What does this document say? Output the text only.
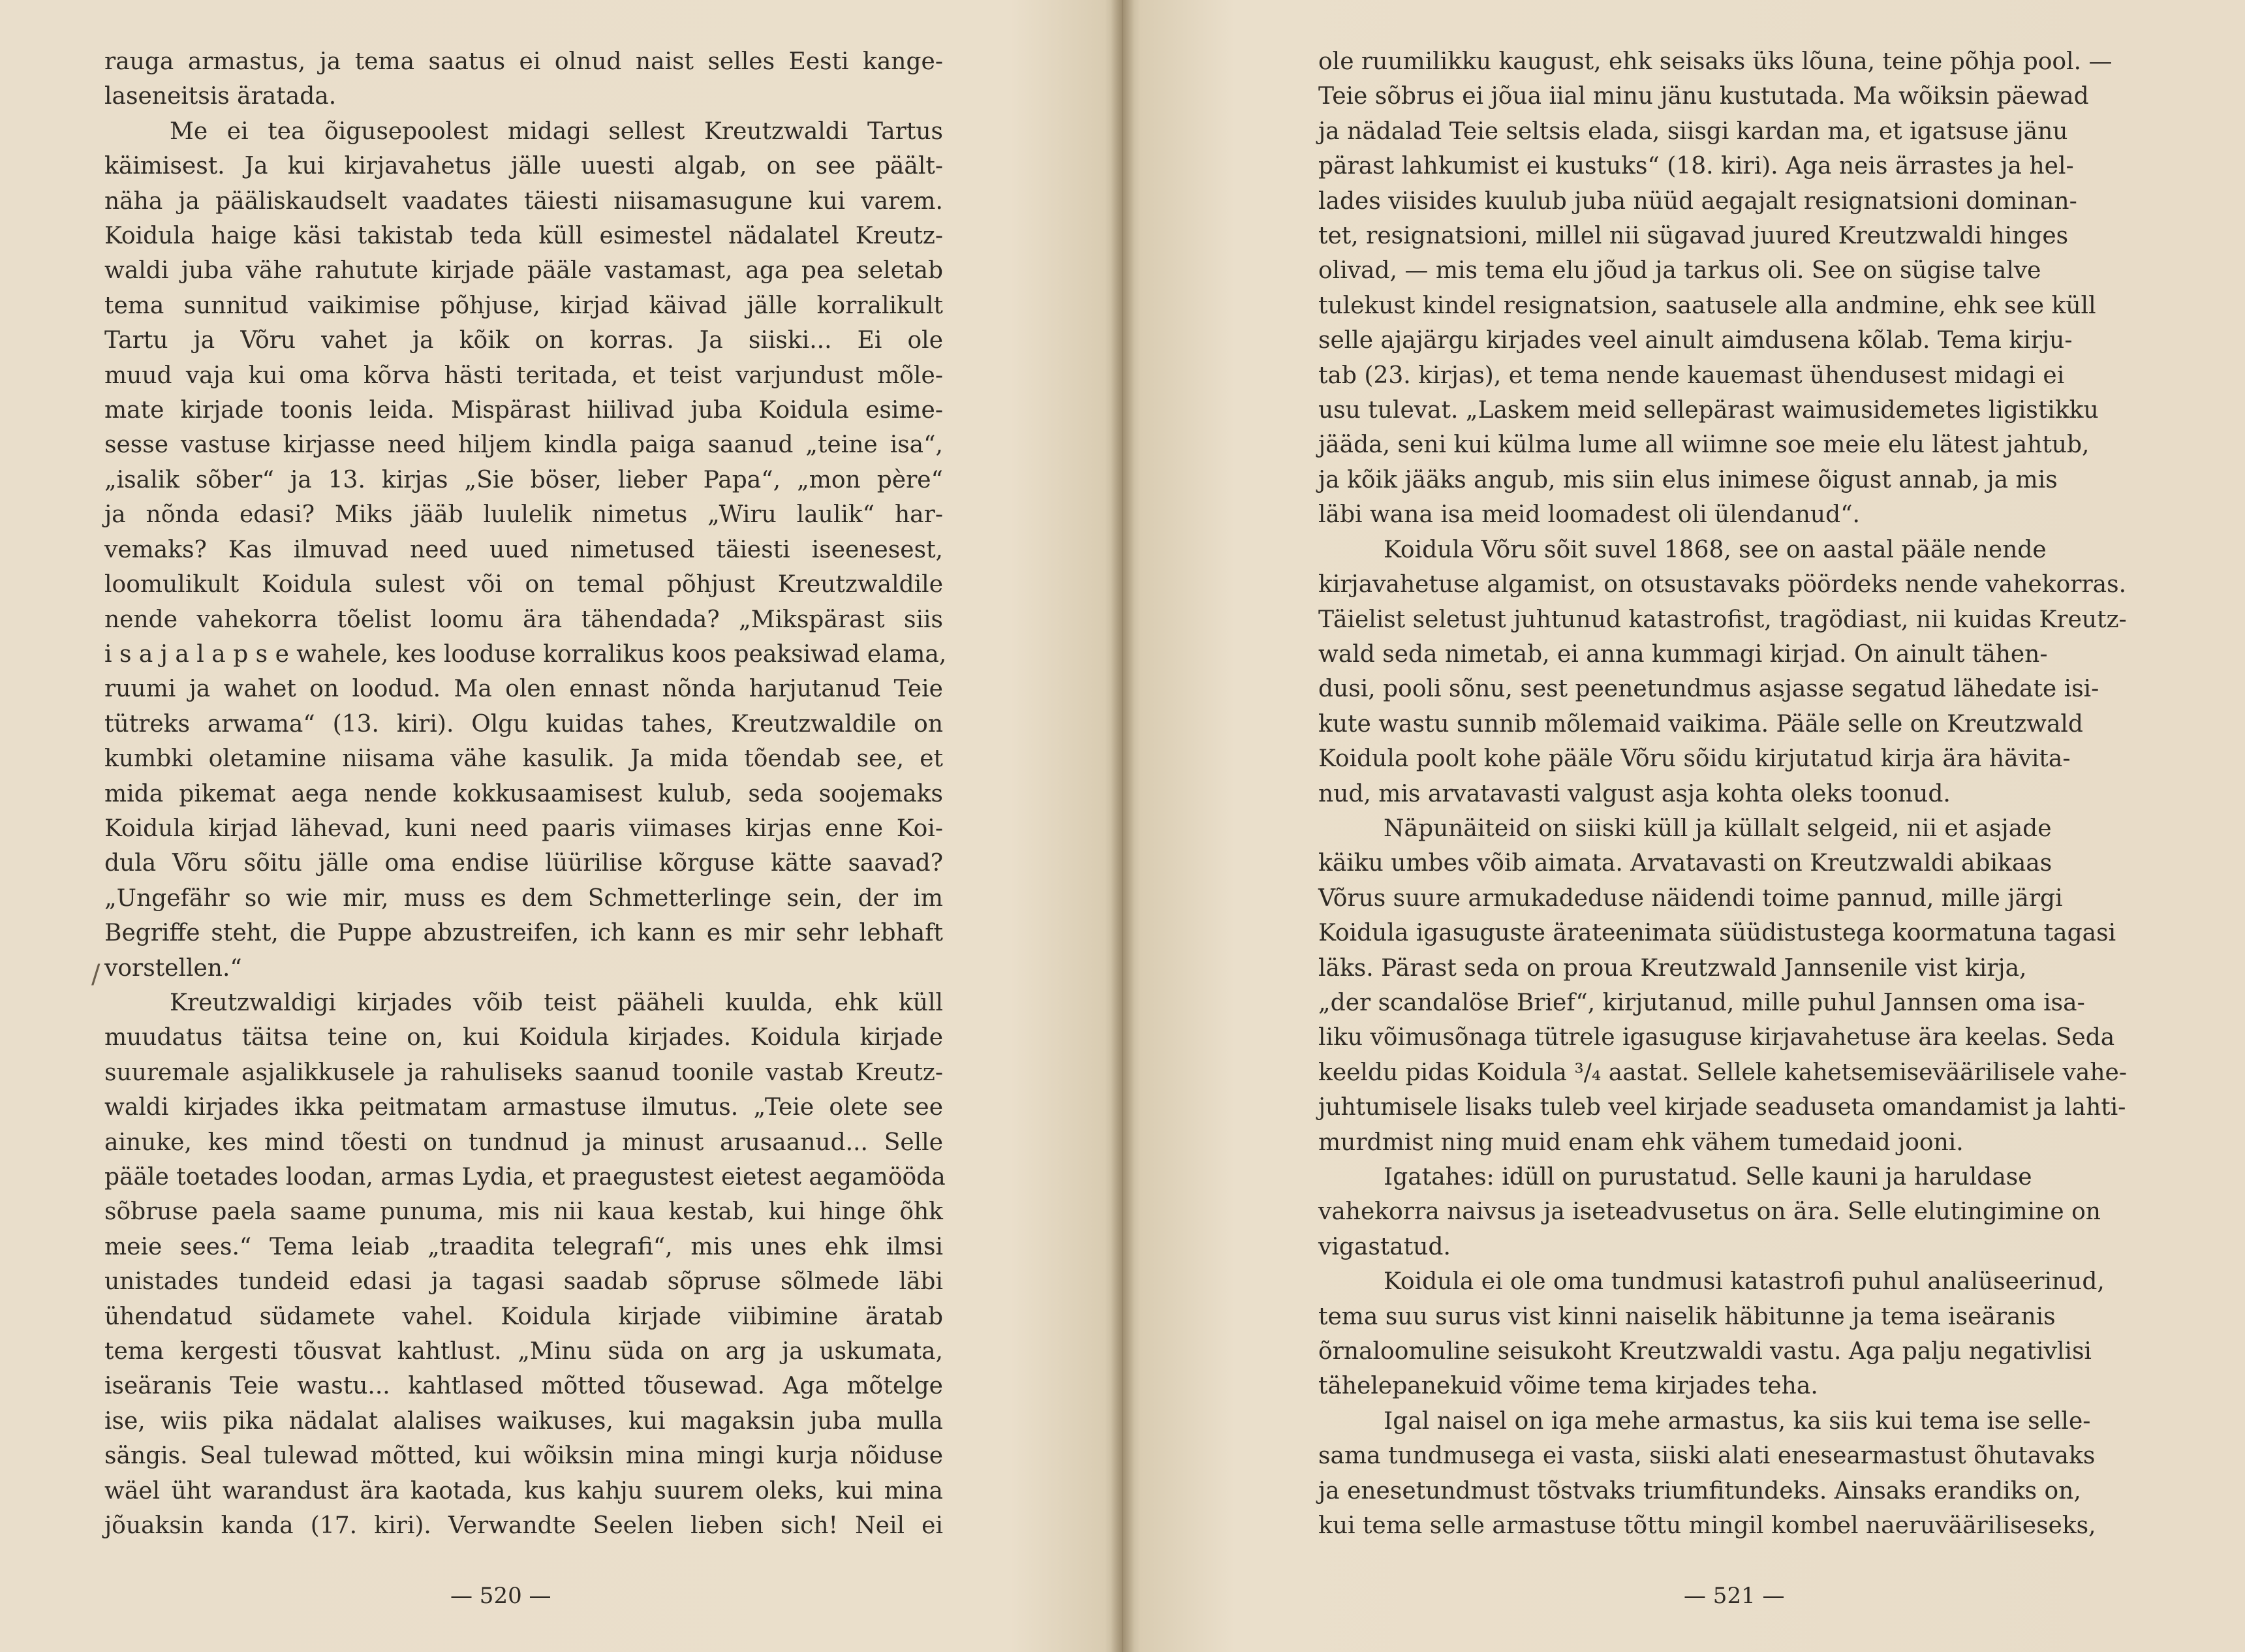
rauga armastus, ja tema saatus ei olnud naist selles Eesti kange-
laseneitsis äratada.
Me ei tea õigusepoolest midagi sellest Kreutzwaldi Tartus
käimisest. Ja kui kirjavahetus jälle uuesti algab, on see päält-
näha ja pääliskaudselt vaadates täiesti niisamasugune kui varem.
Koidula haige käsi takistab teda küll esimestel nädalatel Kreutz-
waldi juba vähe rahutute kirjade pääle vastamast, aga pea seletab
tema sunnitud vaikimise põhjuse, kirjad käivad jälle korralikult
Tartu ja Võru vahet ja kõik on korras. Ja siiski... Ei ole
muud vaja kui oma kõrva hästi teritada, et teist varjundust mõle-
mate kirjade toonis leida. Mispärast hiilivad juba Koidula esime-
sesse vastuse kirjasse need hiljem kindla paiga saanud „teine isa“,
„isalik sõber“ ja 13. kirjas „Sie böser, lieber Papa“, „mon père“
ja nõnda edasi? Miks jääb luulelik nimetus „Wiru laulik“ har-
vemaks? Kas ilmuvad need uued nimetused täiesti iseenesest,
loomulikult Koidula sulest või on temal põhjust Kreutzwaldile
nende vahekorra tõelist loomu ära tähendada? „Mikspärast siis
i s a j a l a p s e wahele, kes looduse korralikus koos peaksiwad elama,
ruumi ja wahet on loodud. Ma olen ennast nõnda harjutanud Teie
tütreks arwama“ (13. kiri). Olgu kuidas tahes, Kreutzwaldile on
kumbki oletamine niisama vähe kasulik. Ja mida tõendab see, et
mida pikemat aega nende kokkusaamisest kulub, seda soojemaks
Koidula kirjad lähevad, kuni need paaris viimases kirjas enne Koi-
dula Võru sõitu jälle oma endise lüürilise kõrguse kätte saavad?
„Ungefähr so wie mir, muss es dem Schmetterlinge sein, der im
Begriffe steht, die Puppe abzustreifen, ich kann es mir sehr lebhaft
vorstellen.“
Kreutzwaldigi kirjades võib teist pääheli kuulda, ehk küll
muudatus täitsa teine on, kui Koidula kirjades. Koidula kirjade
suuremale asjalikkusele ja rahuliseks saanud toonile vastab Kreutz-
waldi kirjades ikka peitmatam armastuse ilmutus. „Teie olete see
ainuke, kes mind tõesti on tundnud ja minust arusaanud... Selle
pääle toetades loodan, armas Lydia, et praegustest eietest aegamööda
sõbruse paela saame punuma, mis nii kaua kestab, kui hinge õhk
meie sees.“ Tema leiab „traadita telegrafi“, mis unes ehk ilmsi
unistades tundeid edasi ja tagasi saadab sõpruse sõlmede läbi
ühendatud südamete vahel. Koidula kirjade viibimine äratab
tema kergesti tõusvat kahtlust. „Minu süda on arg ja uskumata,
iseäranis Teie wastu... kahtlased mõtted tõusewad. Aga mõtelge
ise, wiis pika nädalat alalises waikuses, kui magaksin juba mulla
sängis. Seal tulewad mõtted, kui wõiksin mina mingi kurja nõiduse
wäel üht warandust ära kaotada, kus kahju suurem oleks, kui mina
jõuaksin kanda (17. kiri). Verwandte Seelen lieben sich! Neil ei
— 520 —
/
ole ruumilikku kaugust, ehk seisaks üks lõuna, teine põhja pool. —
Teie sõbrus ei jõua iial minu jänu kustutada. Ma wõiksin päewad
ja nädalad Teie seltsis elada, siisgi kardan ma, et igatsuse jänu
pärast lahkumist ei kustuks“ (18. kiri). Aga neis ärrastes ja hel-
lades viisides kuulub juba nüüd aegajalt resignatsioni dominan-
tet, resignatsioni, millel nii sügavad juured Kreutzwaldi hinges
olivad, — mis tema elu jõud ja tarkus oli. See on sügise talve
tulekust kindel resignatsion, saatusele alla andmine, ehk see küll
selle ajajärgu kirjades veel ainult aimdusena kõlab. Tema kirju-
tab (23. kirjas), et tema nende kauemast ühendusest midagi ei
usu tulevat. „Laskem meid sellepärast waimusidemetes ligistikku
jääda, seni kui külma lume all wiimne soe meie elu lätest jahtub,
ja kõik jääks angub, mis siin elus inimese õigust annab, ja mis
läbi wana isa meid loomadest oli ülendanud“.
Koidula Võru sõit suvel 1868, see on aastal pääle nende
kirjavahetuse algamist, on otsustavaks pöördeks nende vahekorras.
Täielist seletust juhtunud katastrofist, tragödiast, nii kuidas Kreutz-
wald seda nimetab, ei anna kummagi kirjad. On ainult tähen-
dusi, pooli sõnu, sest peenetundmus asjasse segatud lähedate isi-
kute wastu sunnib mõlemaid vaikima. Pääle selle on Kreutzwald
Koidula poolt kohe pääle Võru sõidu kirjutatud kirja ära hävita-
nud, mis arvatavasti valgust asja kohta oleks toonud.
Näpunäiteid on siiski küll ja küllalt selgeid, nii et asjade
käiku umbes võib aimata. Arvatavasti on Kreutzwaldi abikaas
Võrus suure armukadeduse näidendi toime pannud, mille järgi
Koidula igasuguste ärateenimata süüdistustega koormatuna tagasi
läks. Pärast seda on proua Kreutzwald Jannsenile vist kirja,
„der scandalöse Brief“, kirjutanud, mille puhul Jannsen oma isa-
liku võimusõnaga tütrele igasuguse kirjavahetuse ära keelas. Seda
keeldu pidas Koidula ³/₄ aastat. Sellele kahetsemiseväärilisele vahe-
juhtumisele lisaks tuleb veel kirjade seaduseta omandamist ja lahti-
murdmist ning muid enam ehk vähem tumedaid jooni.
Igatahes: idüll on purustatud. Selle kauni ja haruldase
vahekorra naivsus ja iseteadvusetus on ära. Selle elutingimine on
vigastatud.
Koidula ei ole oma tundmusi katastrofi puhul analüseerinud,
tema suu surus vist kinni naiselik häbitunne ja tema iseäranis
õrnaloomuline seisukoht Kreutzwaldi vastu. Aga palju negativlisi
tähelepanekuid võime tema kirjades teha.
Igal naisel on iga mehe armastus, ka siis kui tema ise selle-
sama tundmusega ei vasta, siiski alati enesearmastust õhutavaks
ja enesetundmust tõstvaks triumfitundeks. Ainsaks erandiks on,
kui tema selle armastuse tõttu mingil kombel naeruvääriliseseks,
— 521 —
